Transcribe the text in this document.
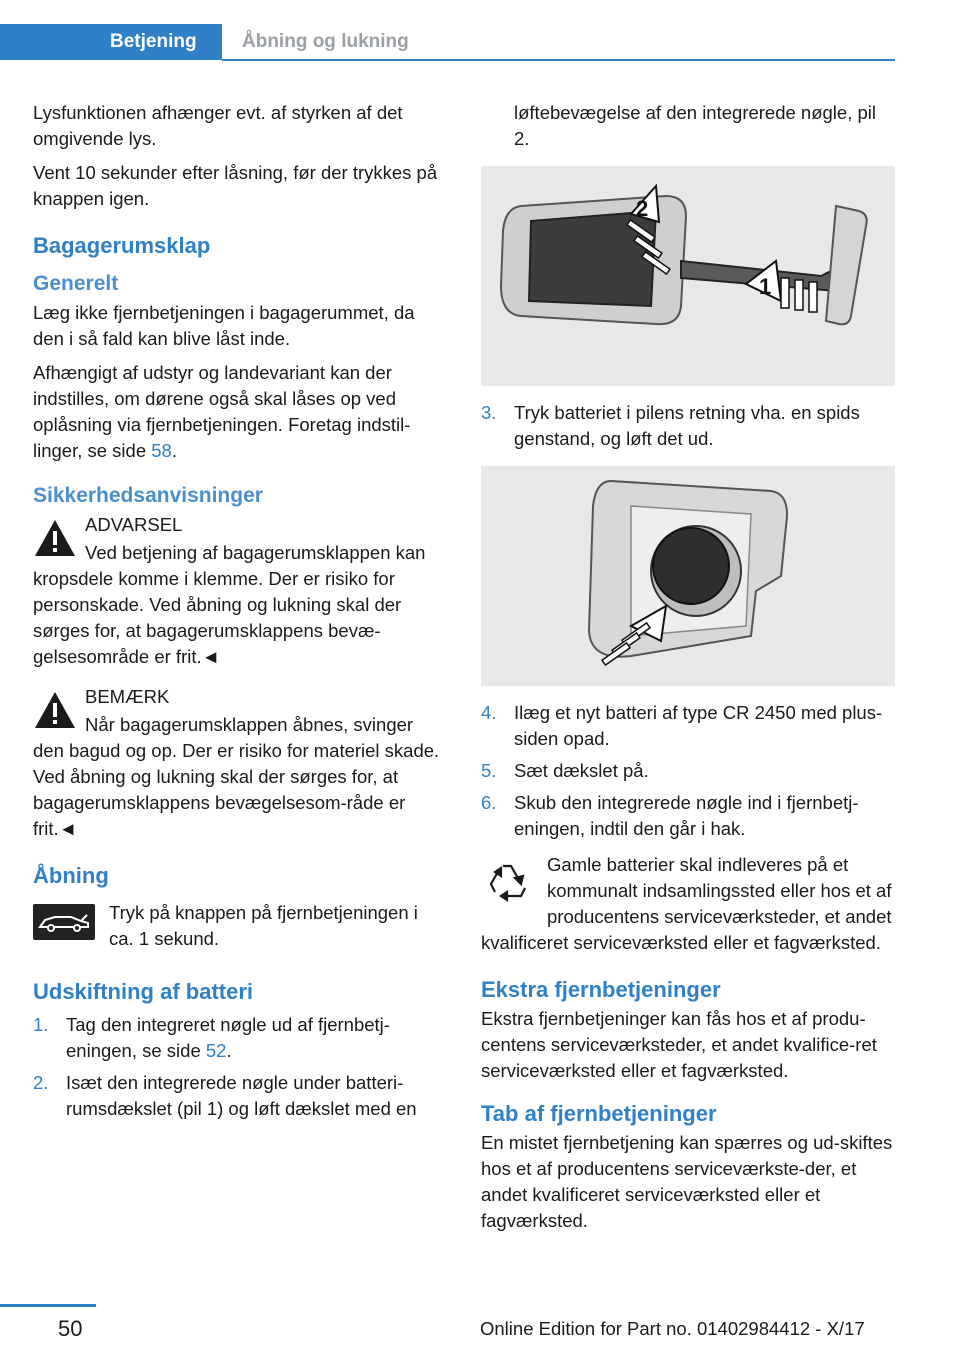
Betjening	Åbning og lukning

Lysfunktionen afhænger evt. af styrken af det omgivende lys.

Vent 10 sekunder efter låsning, før der trykkes på knappen igen.

Bagagerumsklap
Generelt

Læg ikke fjernbetjeningen i bagagerummet, da den i så fald kan blive låst inde.

Afhængigt af udstyr og landevariant kan der indstilles, om dørene også skal låses op ved oplåsning via fjernbetjeningen. Foretag indstil‐linger, se side 58.

Sikkerhedsanvisninger
ADVARSEL
Ved betjening af bagagerumsklappen kan kropsdele komme i klemme. Der er risiko for personskade. Ved åbning og lukning skal der sørges for, at bagagerumsklappens bevæ‐gelsesområde er frit.◄
BEMÆRK
Når bagagerumsklappen åbnes, svinger den bagud og op. Der er risiko for materiel skade. Ved åbning og lukning skal der sørges for, at bagagerumsklappens bevægelsesom‐råde er frit.◄
Åbning
Tryk på knappen på fjernbetjeningen i ca. 1 sekund.
Udskiftning af batteri
1. Tag den integreret nøgle ud af fjernbetj‐eningen, se side 52.
2. Isæt den integrerede nøgle under batteri‐rumsdækslet (pil 1) og løft dækslet med en

løftebevægelse af den integrerede nøgle, pil 2.

2
1
3. Tryk batteriet i pilens retning vha. en spids genstand, og løft det ud.
4. Ilæg et nyt batteri af type CR 2450 med plus-siden opad.
5. Sæt dækslet på.
6. Skub den integrerede nøgle ind i fjernbetj‐eningen, indtil den går i hak.
Gamle batterier skal indleveres på et kommunalt indsamlingssted eller hos et af producentens serviceværksteder, et andet kvalificeret serviceværksted eller et fagværksted.
Ekstra fjernbetjeninger

Ekstra fjernbetjeninger kan fås hos et af produ‐centens serviceværksteder, et andet kvalifice‐ret serviceværksted eller et fagværksted.

Tab af fjernbetjeninger

En mistet fjernbetjening kan spærres og ud‐skiftes hos et af producentens serviceværkste‐der, et andet kvalificeret serviceværksted eller et fagværksted.

50	Online Edition for Part no. 01402984412 - X/17
